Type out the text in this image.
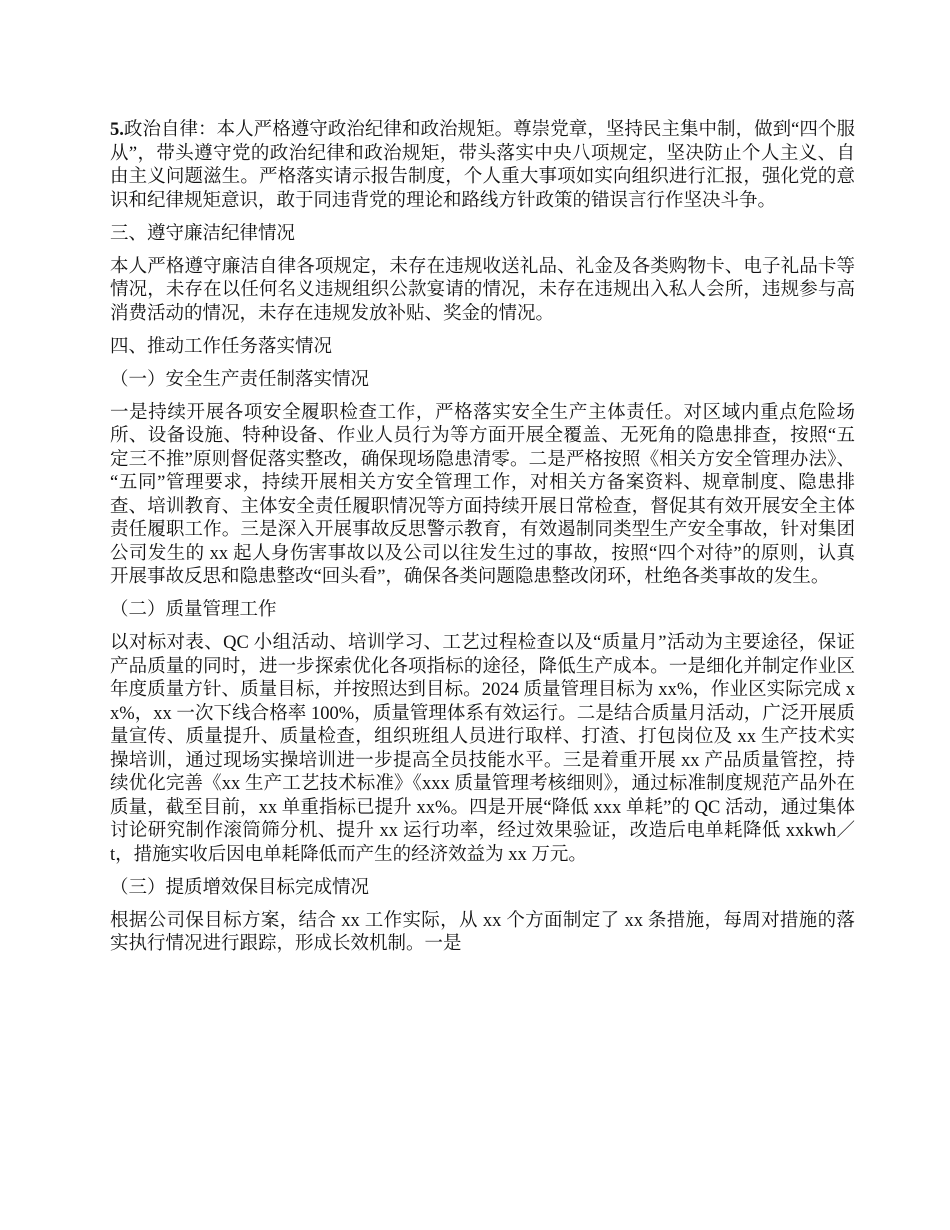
5.政治自律：本人严格遵守政治纪律和政治规矩。尊崇党章，坚持民主集中制，做到“四个服从”，带头遵守党的政治纪律和政治规矩，带头落实中央八项规定，坚决防止个人主义、自由主义问题滋生。严格落实请示报告制度，个人重大事项如实向组织进行汇报，强化党的意识和纪律规矩意识，敢于同违背党的理论和路线方针政策的错误言行作坚决斗争。

三、遵守廉洁纪律情况

本人严格遵守廉洁自律各项规定，未存在违规收送礼品、礼金及各类购物卡、电子礼品卡等情况，未存在以任何名义违规组织公款宴请的情况，未存在违规出入私人会所，违规参与高消费活动的情况，未存在违规发放补贴、奖金的情况。

四、推动工作任务落实情况
（一）安全生产责任制落实情况

一是持续开展各项安全履职检查工作，严格落实安全生产主体责任。对区域内重点危险场所、设备设施、特种设备、作业人员行为等方面开展全覆盖、无死角的隐患排查，按照“五定三不推”原则督促落实整改，确保现场隐患清零。二是严格按照《相关方安全管理办法》、“五同”管理要求，持续开展相关方安全管理工作，对相关方备案资料、规章制度、隐患排查、培训教育、主体安全责任履职情况等方面持续开展日常检查，督促其有效开展安全主体责任履职工作。三是深入开展事故反思警示教育，有效遏制同类型生产安全事故，针对集团公司发生的 xx 起人身伤害事故以及公司以往发生过的事故，按照“四个对待”的原则，认真开展事故反思和隐患整改“回头看”，确保各类问题隐患整改闭环，杜绝各类事故的发生。

（二）质量管理工作

以对标对表、QC 小组活动、培训学习、工艺过程检查以及“质量月”活动为主要途径，保证产品质量的同时，进一步探索优化各项指标的途径，降低生产成本。一是细化并制定作业区年度质量方针、质量目标，并按照达到目标。2024 质量管理目标为 xx%，作业区实际完成 xx%，xx 一次下线合格率 100%，质量管理体系有效运行。二是结合质量月活动，广泛开展质量宣传、质量提升、质量检查，组织班组人员进行取样、打渣、打包岗位及 xx 生产技术实操培训，通过现场实操培训进一步提高全员技能水平。三是着重开展 xx 产品质量管控，持续优化完善《xx 生产工艺技术标准》《xxx 质量管理考核细则》，通过标准制度规范产品外在质量，截至目前，xx 单重指标已提升 xx%。四是开展“降低 xxx 单耗”的 QC 活动，通过集体讨论研究制作滚筒筛分机、提升 xx 运行功率，经过效果验证，改造后电单耗降低 xxkwh／t，措施实收后因电单耗降低而产生的经济效益为 xx 万元。

（三）提质增效保目标完成情况

根据公司保目标方案，结合 xx 工作实际，从 xx 个方面制定了 xx 条措施，每周对措施的落实执行情况进行跟踪，形成长效机制。一是
